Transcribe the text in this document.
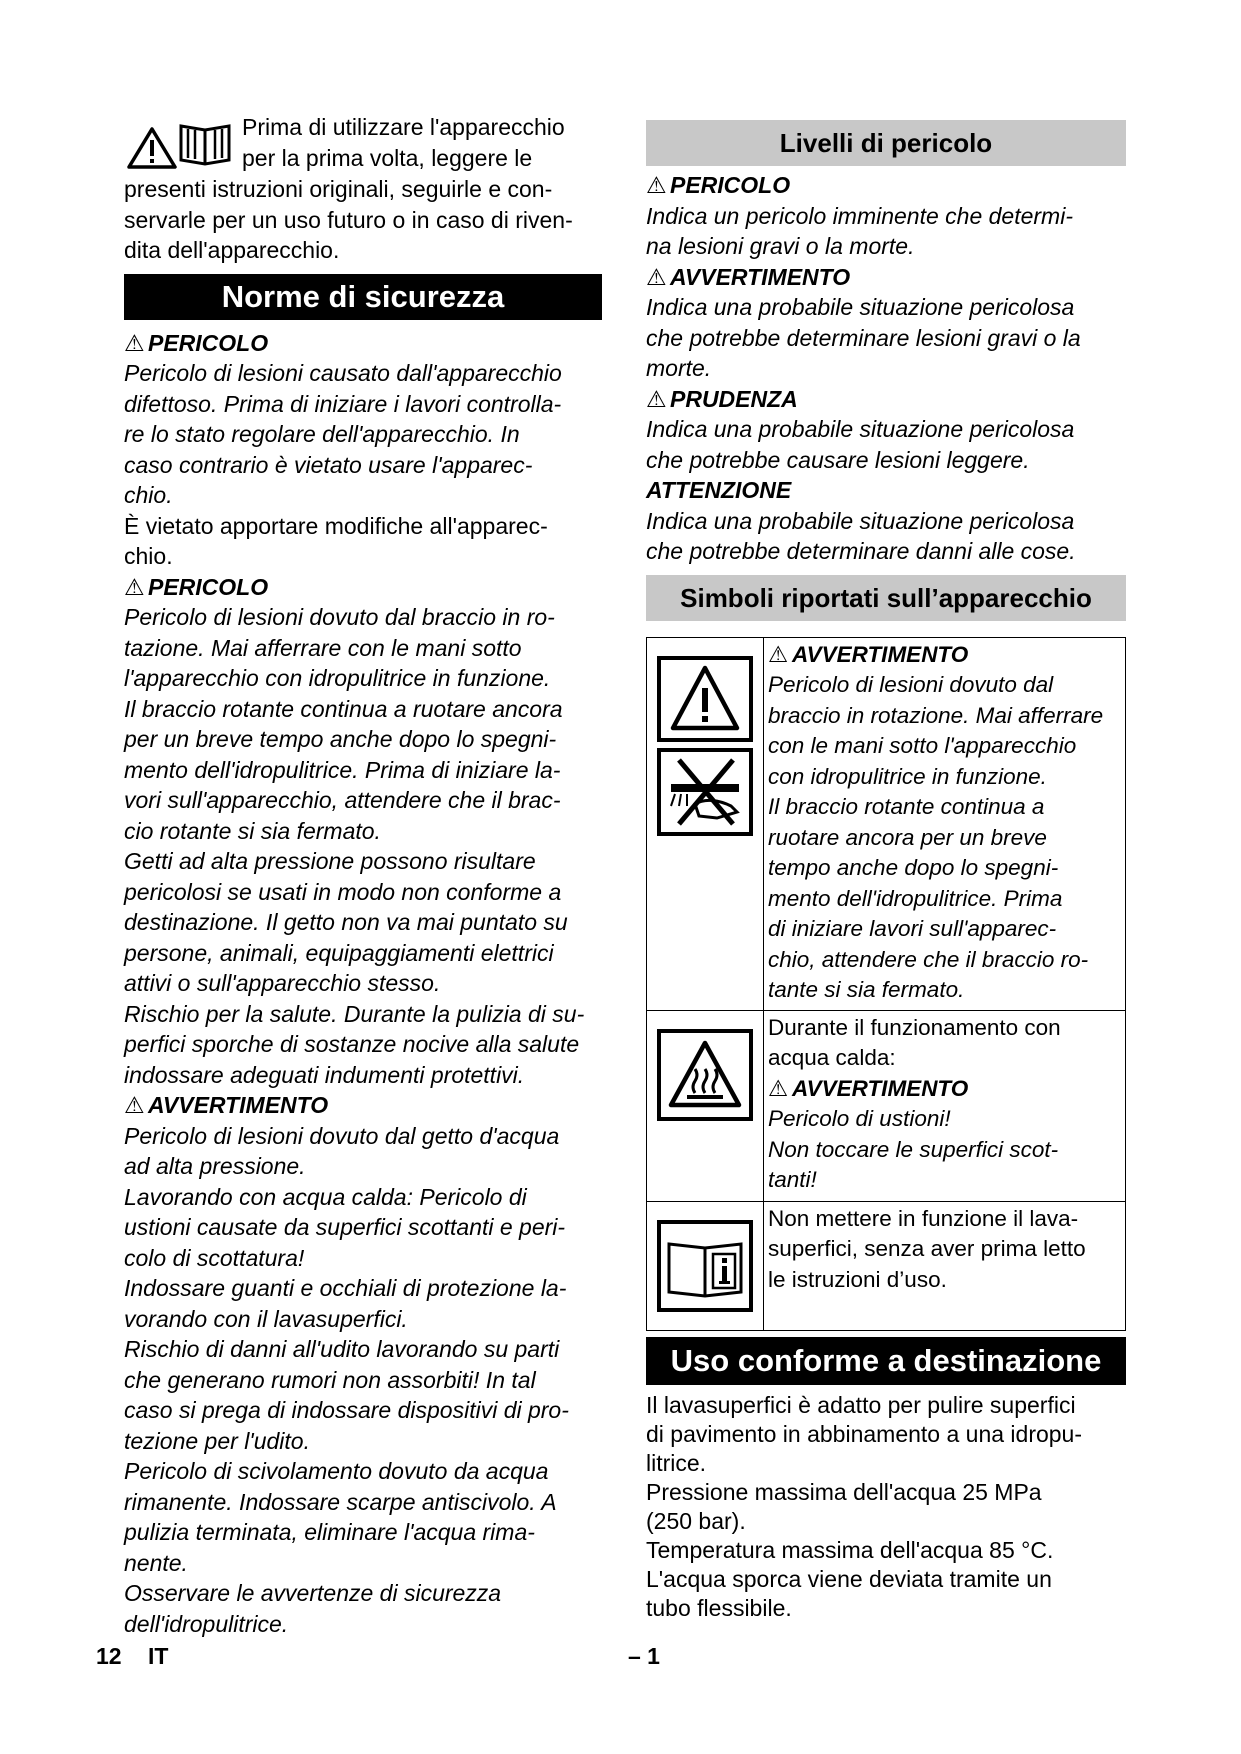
Prima di utilizzare l'apparecchio

per la prima volta, leggere le

presenti istruzioni originali, seguirle e con-

servarle per un uso futuro o in caso di riven-

dita dell'apparecchio.

Norme di sicurezza

⚠ PERICOLO

Pericolo di lesioni causato dall'apparecchio

difettoso. Prima di iniziare i lavori controlla-

re lo stato regolare dell'apparecchio. In

caso contrario è vietato usare l'apparec-

chio.

È vietato apportare modifiche all'apparec-

chio.

⚠ PERICOLO

Pericolo di lesioni dovuto dal braccio in ro-

tazione. Mai afferrare con le mani sotto

l'apparecchio con idropulitrice in funzione.

Il braccio rotante continua a ruotare ancora

per un breve tempo anche dopo lo spegni-

mento dell'idropulitrice. Prima di iniziare la-

vori sull'apparecchio, attendere che il brac-

cio rotante si sia fermato.

Getti ad alta pressione possono risultare

pericolosi se usati in modo non conforme a

destinazione. Il getto non va mai puntato su

persone, animali, equipaggiamenti elettrici

attivi o sull'apparecchio stesso.

Rischio per la salute. Durante la pulizia di su-

perfici sporche di sostanze nocive alla salute

indossare adeguati indumenti protettivi.

⚠ AVVERTIMENTO

Pericolo di lesioni dovuto dal getto d'acqua

ad alta pressione.

Lavorando con acqua calda: Pericolo di

ustioni causate da superfici scottanti e peri-

colo di scottatura!

Indossare guanti e occhiali di protezione la-

vorando con il lavasuperfici.

Rischio di danni all'udito lavorando su parti

che generano rumori non assorbiti! In tal

caso si prega di indossare dispositivi di pro-

tezione per l'udito.

Pericolo di scivolamento dovuto da acqua

rimanente. Indossare scarpe antiscivolo. A

pulizia terminata, eliminare l'acqua rima-

nente.

Osservare le avvertenze di sicurezza

dell'idropulitrice.

Livelli di pericolo

⚠ PERICOLO

Indica un pericolo imminente che determi-

na lesioni gravi o la morte.

⚠ AVVERTIMENTO

Indica una probabile situazione pericolosa

che potrebbe determinare lesioni gravi o la

morte.

⚠ PRUDENZA

Indica una probabile situazione pericolosa

che potrebbe causare lesioni leggere.

ATTENZIONE

Indica una probabile situazione pericolosa

che potrebbe determinare danni alle cose.

Simboli riportati sull’apparecchio

⚠ AVVERTIMENTO

Pericolo di lesioni dovuto dal

braccio in rotazione. Mai afferrare

con le mani sotto l'apparecchio

con idropulitrice in funzione.

Il braccio rotante continua a

ruotare ancora per un breve

tempo anche dopo lo spegni-

mento dell'idropulitrice. Prima

di iniziare lavori sull'apparec-

chio, attendere che il braccio ro-

tante si sia fermato.

Durante il funzionamento con

acqua calda:

⚠ AVVERTIMENTO

Pericolo di ustioni!

Non toccare le superfici scot-

tanti!

Non mettere in funzione il lava-

superfici, senza aver prima letto

le istruzioni d’uso.

Uso conforme a destinazione

Il lavasuperfici è adatto per pulire superfici

di pavimento in abbinamento a una idropu-

litrice.

Pressione massima dell'acqua 25 MPa

(250 bar).

Temperatura massima dell'acqua 85 °C.

L'acqua sporca viene deviata tramite un

tubo flessibile.

12 IT	– 1
